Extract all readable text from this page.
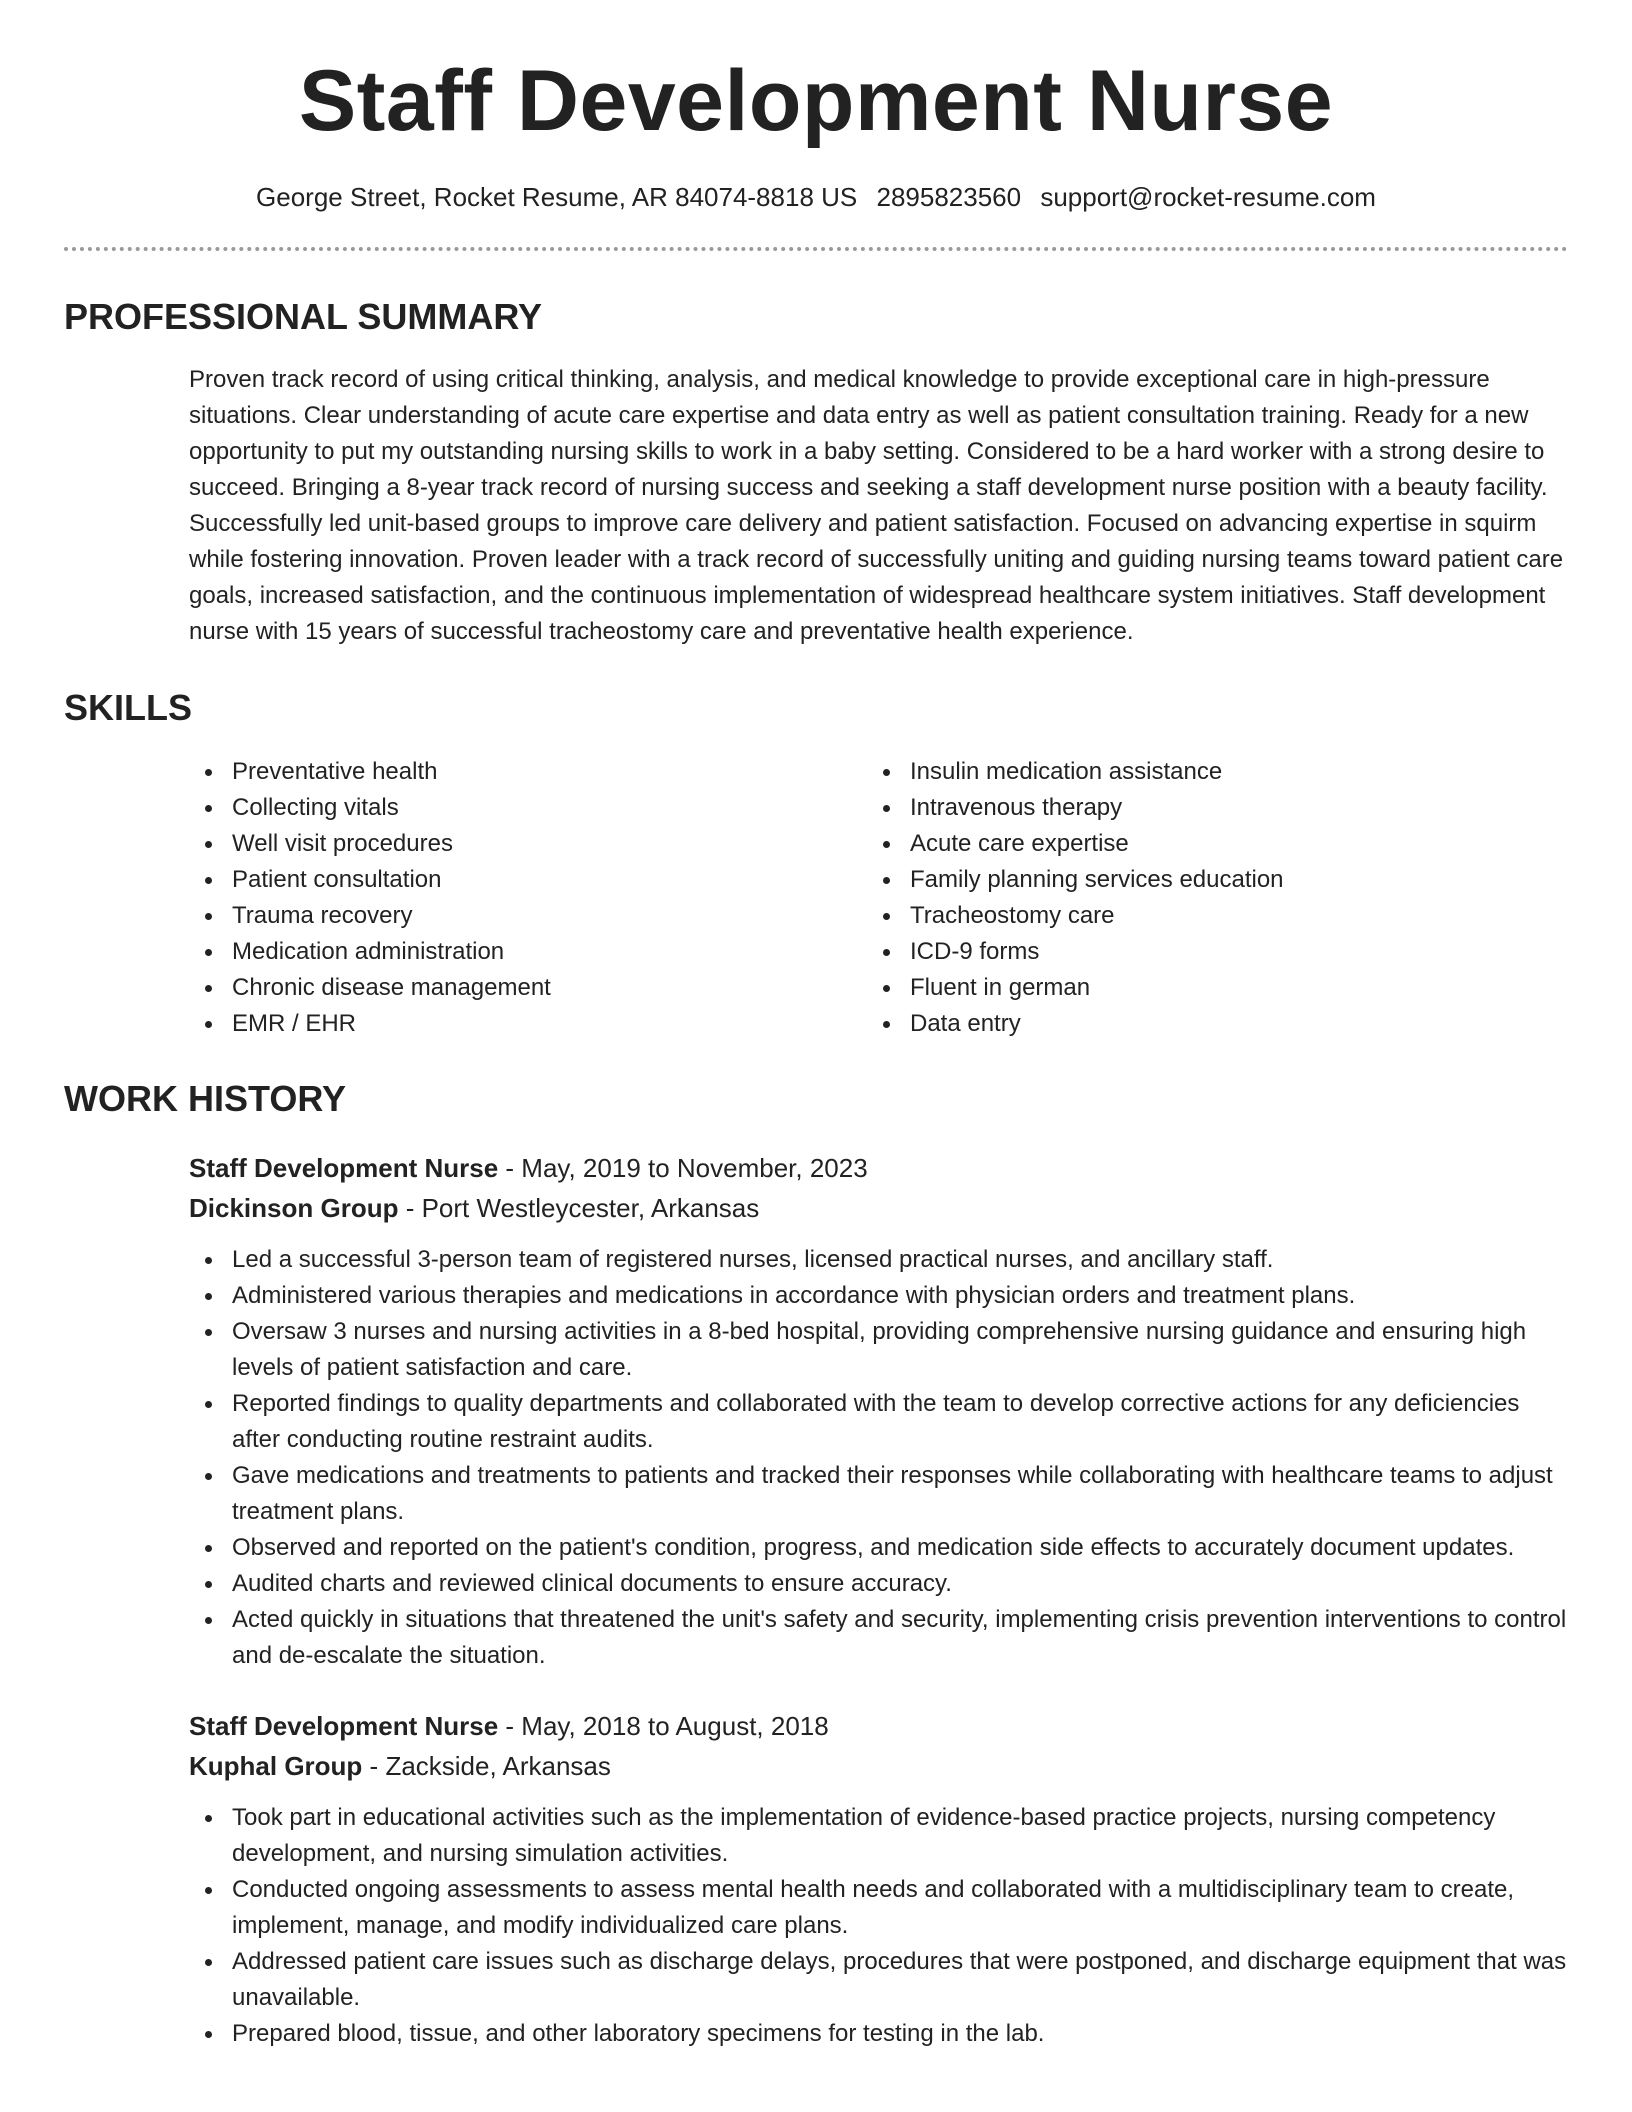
Staff Development Nurse
George Street, Rocket Resume, AR 84074-8818 US 2895823560 support@rocket-resume.com
PROFESSIONAL SUMMARY

Proven track record of using critical thinking, analysis, and medical knowledge to provide exceptional care in high-pressure situations. Clear understanding of acute care expertise and data entry as well as patient consultation training. Ready for a new opportunity to put my outstanding nursing skills to work in a baby setting. Considered to be a hard worker with a strong desire to succeed. Bringing a 8-year track record of nursing success and seeking a staff development nurse position with a beauty facility. Successfully led unit-based groups to improve care delivery and patient satisfaction. Focused on advancing expertise in squirm while fostering innovation. Proven leader with a track record of successfully uniting and guiding nursing teams toward patient care goals, increased satisfaction, and the continuous implementation of widespread healthcare system initiatives. Staff development nurse with 15 years of successful tracheostomy care and preventative health experience.

SKILLS
Preventative health
Collecting vitals
Well visit procedures
Patient consultation
Trauma recovery
Medication administration
Chronic disease management
EMR / EHR
Insulin medication assistance
Intravenous therapy
Acute care expertise
Family planning services education
Tracheostomy care
ICD-9 forms
Fluent in german
Data entry
WORK HISTORY
Staff Development Nurse - May, 2019 to November, 2023
Dickinson Group - Port Westleycester, Arkansas
Led a successful 3-person team of registered nurses, licensed practical nurses, and ancillary staff.
Administered various therapies and medications in accordance with physician orders and treatment plans.
Oversaw 3 nurses and nursing activities in a 8-bed hospital, providing comprehensive nursing guidance and ensuring high levels of patient satisfaction and care.
Reported findings to quality departments and collaborated with the team to develop corrective actions for any deficiencies after conducting routine restraint audits.
Gave medications and treatments to patients and tracked their responses while collaborating with healthcare teams to adjust treatment plans.
Observed and reported on the patient's condition, progress, and medication side effects to accurately document updates.
Audited charts and reviewed clinical documents to ensure accuracy.
Acted quickly in situations that threatened the unit's safety and security, implementing crisis prevention interventions to control and de-escalate the situation.
Staff Development Nurse - May, 2018 to August, 2018
Kuphal Group - Zackside, Arkansas
Took part in educational activities such as the implementation of evidence-based practice projects, nursing competency development, and nursing simulation activities.
Conducted ongoing assessments to assess mental health needs and collaborated with a multidisciplinary team to create, implement, manage, and modify individualized care plans.
Addressed patient care issues such as discharge delays, procedures that were postponed, and discharge equipment that was unavailable.
Prepared blood, tissue, and other laboratory specimens for testing in the lab.
